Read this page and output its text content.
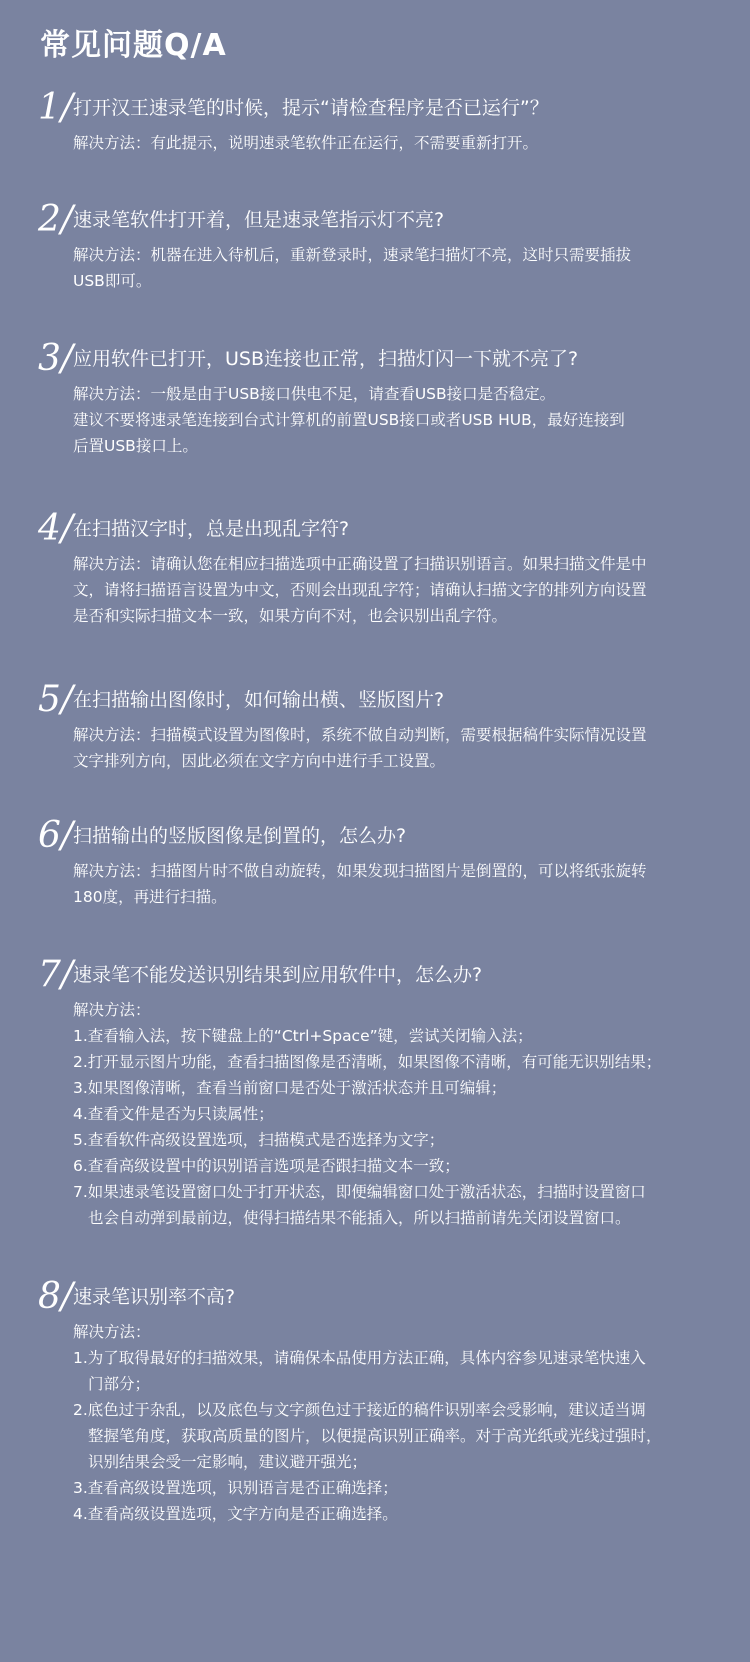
常见问题Q/A
1/ 打开汉王速录笔的时候，提示“请检查程序是否已运行”？

解决方法：有此提示，说明速录笔软件正在运行，不需要重新打开。

2/ 速录笔软件打开着，但是速录笔指示灯不亮?

解决方法：机器在进入待机后，重新登录时，速录笔扫描灯不亮，这时只需要插拔

USB即可。

3/ 应用软件已打开，USB连接也正常，扫描灯闪一下就不亮了?

解决方法：一般是由于USB接口供电不足，请查看USB接口是否稳定。

建议不要将速录笔连接到台式计算机的前置USB接口或者USB HUB，最好连接到

后置USB接口上。

4/ 在扫描汉字时，总是出现乱字符?

解决方法：请确认您在相应扫描选项中正确设置了扫描识别语言。如果扫描文件是中

文，请将扫描语言设置为中文，否则会出现乱字符；请确认扫描文字的排列方向设置

是否和实际扫描文本一致，如果方向不对，也会识别出乱字符。

5/ 在扫描输出图像时，如何输出横、竖版图片?

解决方法：扫描模式设置为图像时，系统不做自动判断，需要根据稿件实际情况设置

文字排列方向，因此必须在文字方向中进行手工设置。

6/ 扫描输出的竖版图像是倒置的，怎么办?

解决方法：扫描图片时不做自动旋转，如果发现扫描图片是倒置的，可以将纸张旋转

180度，再进行扫描。

7/ 速录笔不能发送识别结果到应用软件中，怎么办?

解决方法：

1.查看输入法，按下键盘上的“Ctrl+Space”键，尝试关闭输入法；

2.打开显示图片功能，查看扫描图像是否清晰，如果图像不清晰，有可能无识别结果；

3.如果图像清晰，查看当前窗口是否处于激活状态并且可编辑；

4.查看文件是否为只读属性；

5.查看软件高级设置选项，扫描模式是否选择为文字；

6.查看高级设置中的识别语言选项是否跟扫描文本一致；

7.如果速录笔设置窗口处于打开状态，即便编辑窗口处于激活状态，扫描时设置窗口

也会自动弹到最前边，使得扫描结果不能插入，所以扫描前请先关闭设置窗口。

8/ 速录笔识别率不高?

解决方法：

1.为了取得最好的扫描效果，请确保本品使用方法正确，具体内容参见速录笔快速入

门部分；

2.底色过于杂乱，以及底色与文字颜色过于接近的稿件识别率会受影响，建议适当调

整握笔角度，获取高质量的图片，以便提高识别正确率。对于高光纸或光线过强时，

识别结果会受一定影响，建议避开强光；

3.查看高级设置选项，识别语言是否正确选择；

4.查看高级设置选项，文字方向是否正确选择。
